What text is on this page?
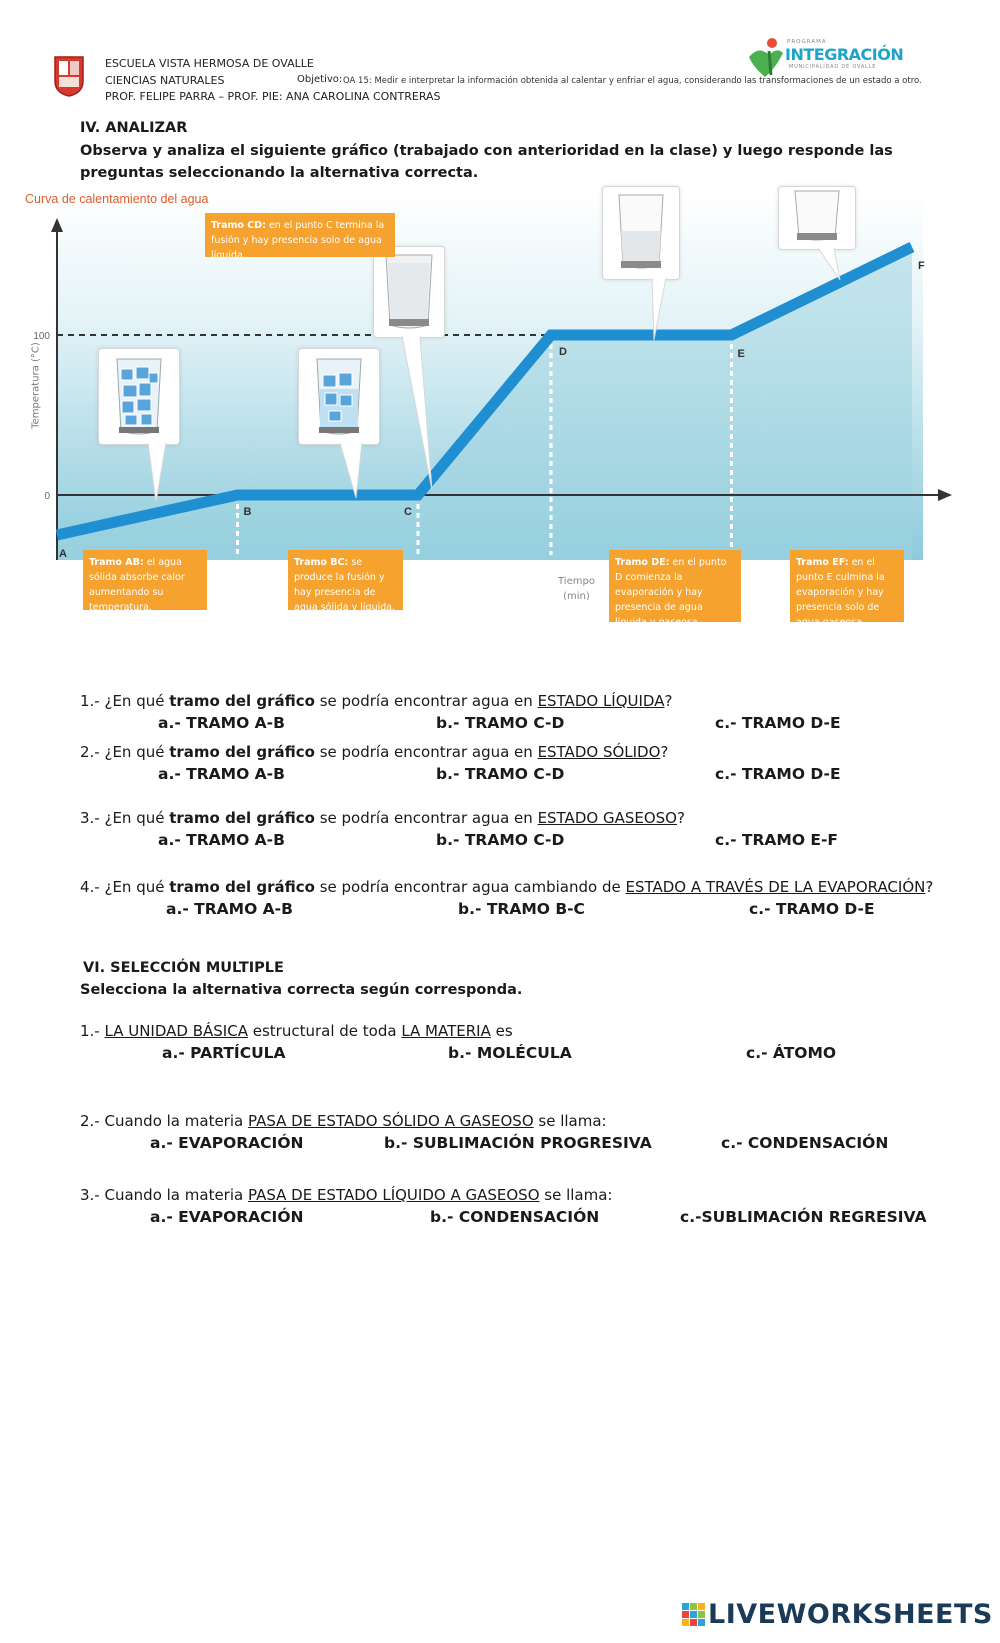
ESCUELA VISTA HERMOSA DE OVALLE
CIENCIAS NATURALES	Objetivo: OA 15: Medir e interpretar la información obtenida al calentar y enfriar el agua, considerando las transformaciones de un estado a otro.
PROF. FELIPE PARRA – PROF. PIE: ANA CAROLINA CONTRERAS
PROGRAMA
INTEGRACIÓN
MUNICIPALIDAD DE OVALLE
IV. ANALIZAR
Observa y analiza el siguiente gráfico (trabajado con anterioridad en la clase) y luego responde las preguntas seleccionando la alternativa correcta.
A
B	C
D	E
F
100
0
Curva de calentamiento del agua
Temperatura (°C)
Tiempo
(min)
Tramo CD: en el punto C termina la fusión y hay presencia solo de agua líquida.
Tramo AB: el agua sólida absorbe calor aumentando su temperatura.
Tramo BC: se produce la fusión y hay presencia de agua sólida y líquida.
Tramo DE: en el punto D comienza la evaporación y hay presencia de agua líquida y gaseosa.
Tramo EF: en el punto E culmina la evaporación y hay presencia solo de agua gaseosa.
1.- ¿En qué tramo del gráfico se podría encontrar agua en ESTADO LÍQUIDA?
a.- TRAMO A-B	b.- TRAMO C-D	c.- TRAMO D-E
2.- ¿En qué tramo del gráfico se podría encontrar agua en ESTADO SÓLIDO?
a.- TRAMO A-B	b.- TRAMO C-D	c.- TRAMO D-E
3.- ¿En qué tramo del gráfico se podría encontrar agua en ESTADO GASEOSO?
a.- TRAMO A-B	b.- TRAMO C-D	c.- TRAMO E-F
4.- ¿En qué tramo del gráfico se podría encontrar agua cambiando de ESTADO A TRAVÉS DE LA EVAPORACIÓN?
a.- TRAMO A-B	b.- TRAMO B-C	c.- TRAMO D-E
VI. SELECCIÓN MULTIPLE
Selecciona la alternativa correcta según corresponda.
1.- LA UNIDAD BÁSICA estructural de toda LA MATERIA es
a.- PARTÍCULA	b.- MOLÉCULA	c.- ÁTOMO
2.- Cuando la materia PASA DE ESTADO SÓLIDO A GASEOSO se llama:
a.- EVAPORACIÓN	b.- SUBLIMACIÓN PROGRESIVA	c.- CONDENSACIÓN
3.- Cuando la materia PASA DE ESTADO LÍQUIDO A GASEOSO se llama:
a.- EVAPORACIÓN	b.- CONDENSACIÓN	c.-SUBLIMACIÓN REGRESIVA
LIVEWORKSHEETS
